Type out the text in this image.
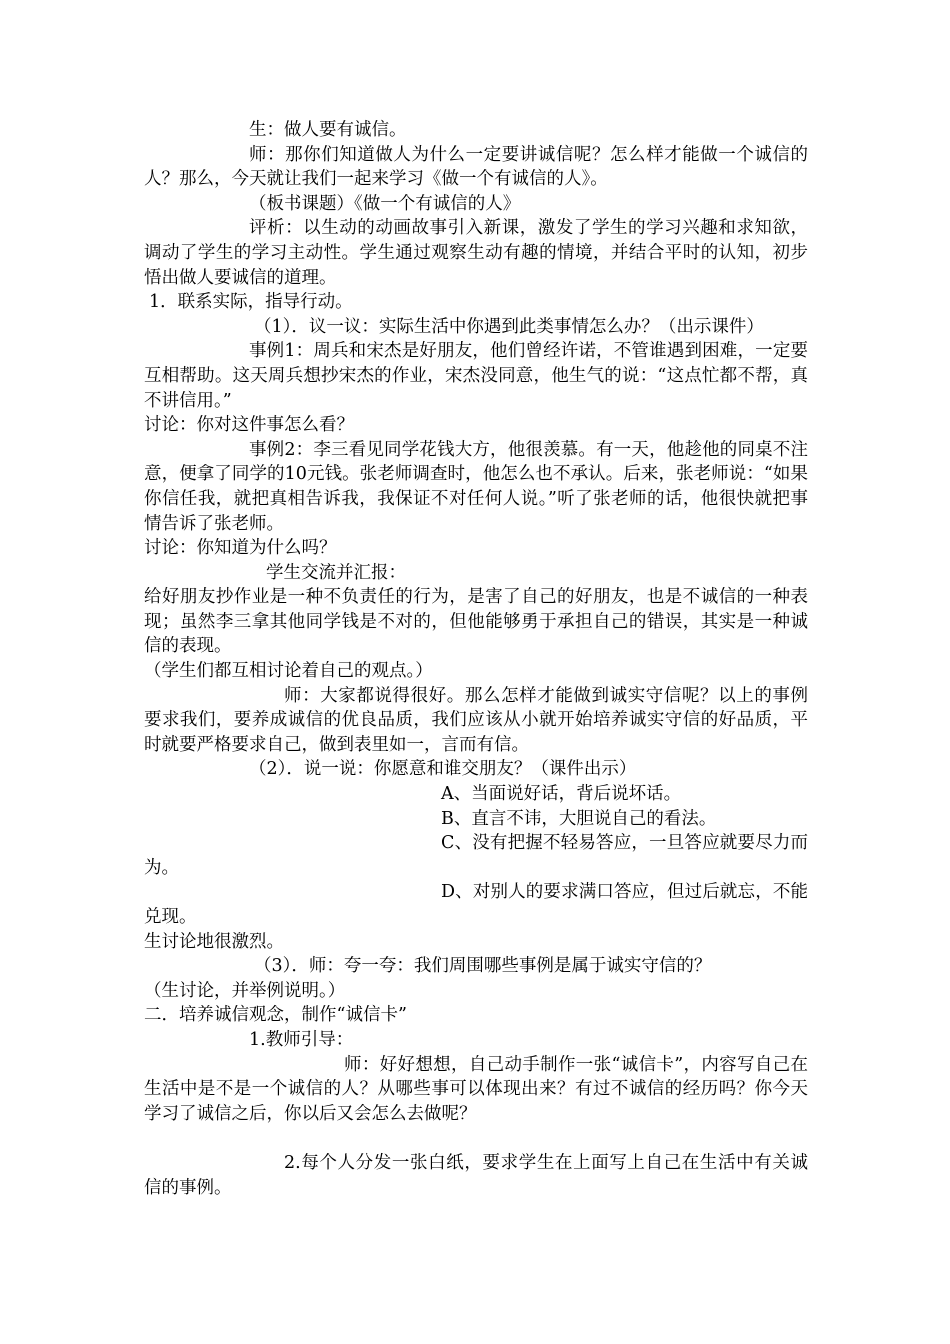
生：做人要有诚信。

师：那你们知道做人为什么一定要讲诚信呢？怎么样才能做一个诚信的人？那么，今天就让我们一起来学习《做一个有诚信的人》。

（板书课题）《做一个有诚信的人》

评析：以生动的动画故事引入新课，激发了学生的学习兴趣和求知欲，调动了学生的学习主动性。学生通过观察生动有趣的情境，并结合平时的认知，初步悟出做人要诚信的道理。

1．联系实际，指导行动。

（1）．议一议：实际生活中你遇到此类事情怎么办？（出示课件）

事例1：周兵和宋杰是好朋友，他们曾经许诺，不管谁遇到困难，一定要互相帮助。这天周兵想抄宋杰的作业，宋杰没同意，他生气的说：“这点忙都不帮，真不讲信用。”

讨论：你对这件事怎么看？

事例2：李三看见同学花钱大方，他很羡慕。有一天，他趁他的同桌不注意，便拿了同学的10元钱。张老师调查时，他怎么也不承认。后来，张老师说：“如果你信任我，就把真相告诉我，我保证不对任何人说。”听了张老师的话，他很快就把事情告诉了张老师。

讨论：你知道为什么吗？

学生交流并汇报：

给好朋友抄作业是一种不负责任的行为，是害了自己的好朋友，也是不诚信的一种表现；虽然李三拿其他同学钱是不对的，但他能够勇于承担自己的错误，其实是一种诚信的表现。

（学生们都互相讨论着自己的观点。）

师：大家都说得很好。那么怎样才能做到诚实守信呢？以上的事例要求我们，要养成诚信的优良品质，我们应该从小就开始培养诚实守信的好品质，平时就要严格要求自己，做到表里如一，言而有信。

（2）．说一说：你愿意和谁交朋友？（课件出示）

A、当面说好话，背后说坏话。

B、直言不讳，大胆说自己的看法。

C、没有把握不轻易答应，一旦答应就要尽力而为。

D、对别人的要求满口答应，但过后就忘，不能兑现。

生讨论地很激烈。

（3）．师：夸一夸：我们周围哪些事例是属于诚实守信的？

（生讨论，并举例说明。）

二．培养诚信观念，制作“诚信卡”

1.教师引导：

师：好好想想，自己动手制作一张“诚信卡”，内容写自己在生活中是不是一个诚信的人？从哪些事可以体现出来？有过不诚信的经历吗？你今天学习了诚信之后，你以后又会怎么去做呢？

2.每个人分发一张白纸，要求学生在上面写上自己在生活中有关诚信的事例。
